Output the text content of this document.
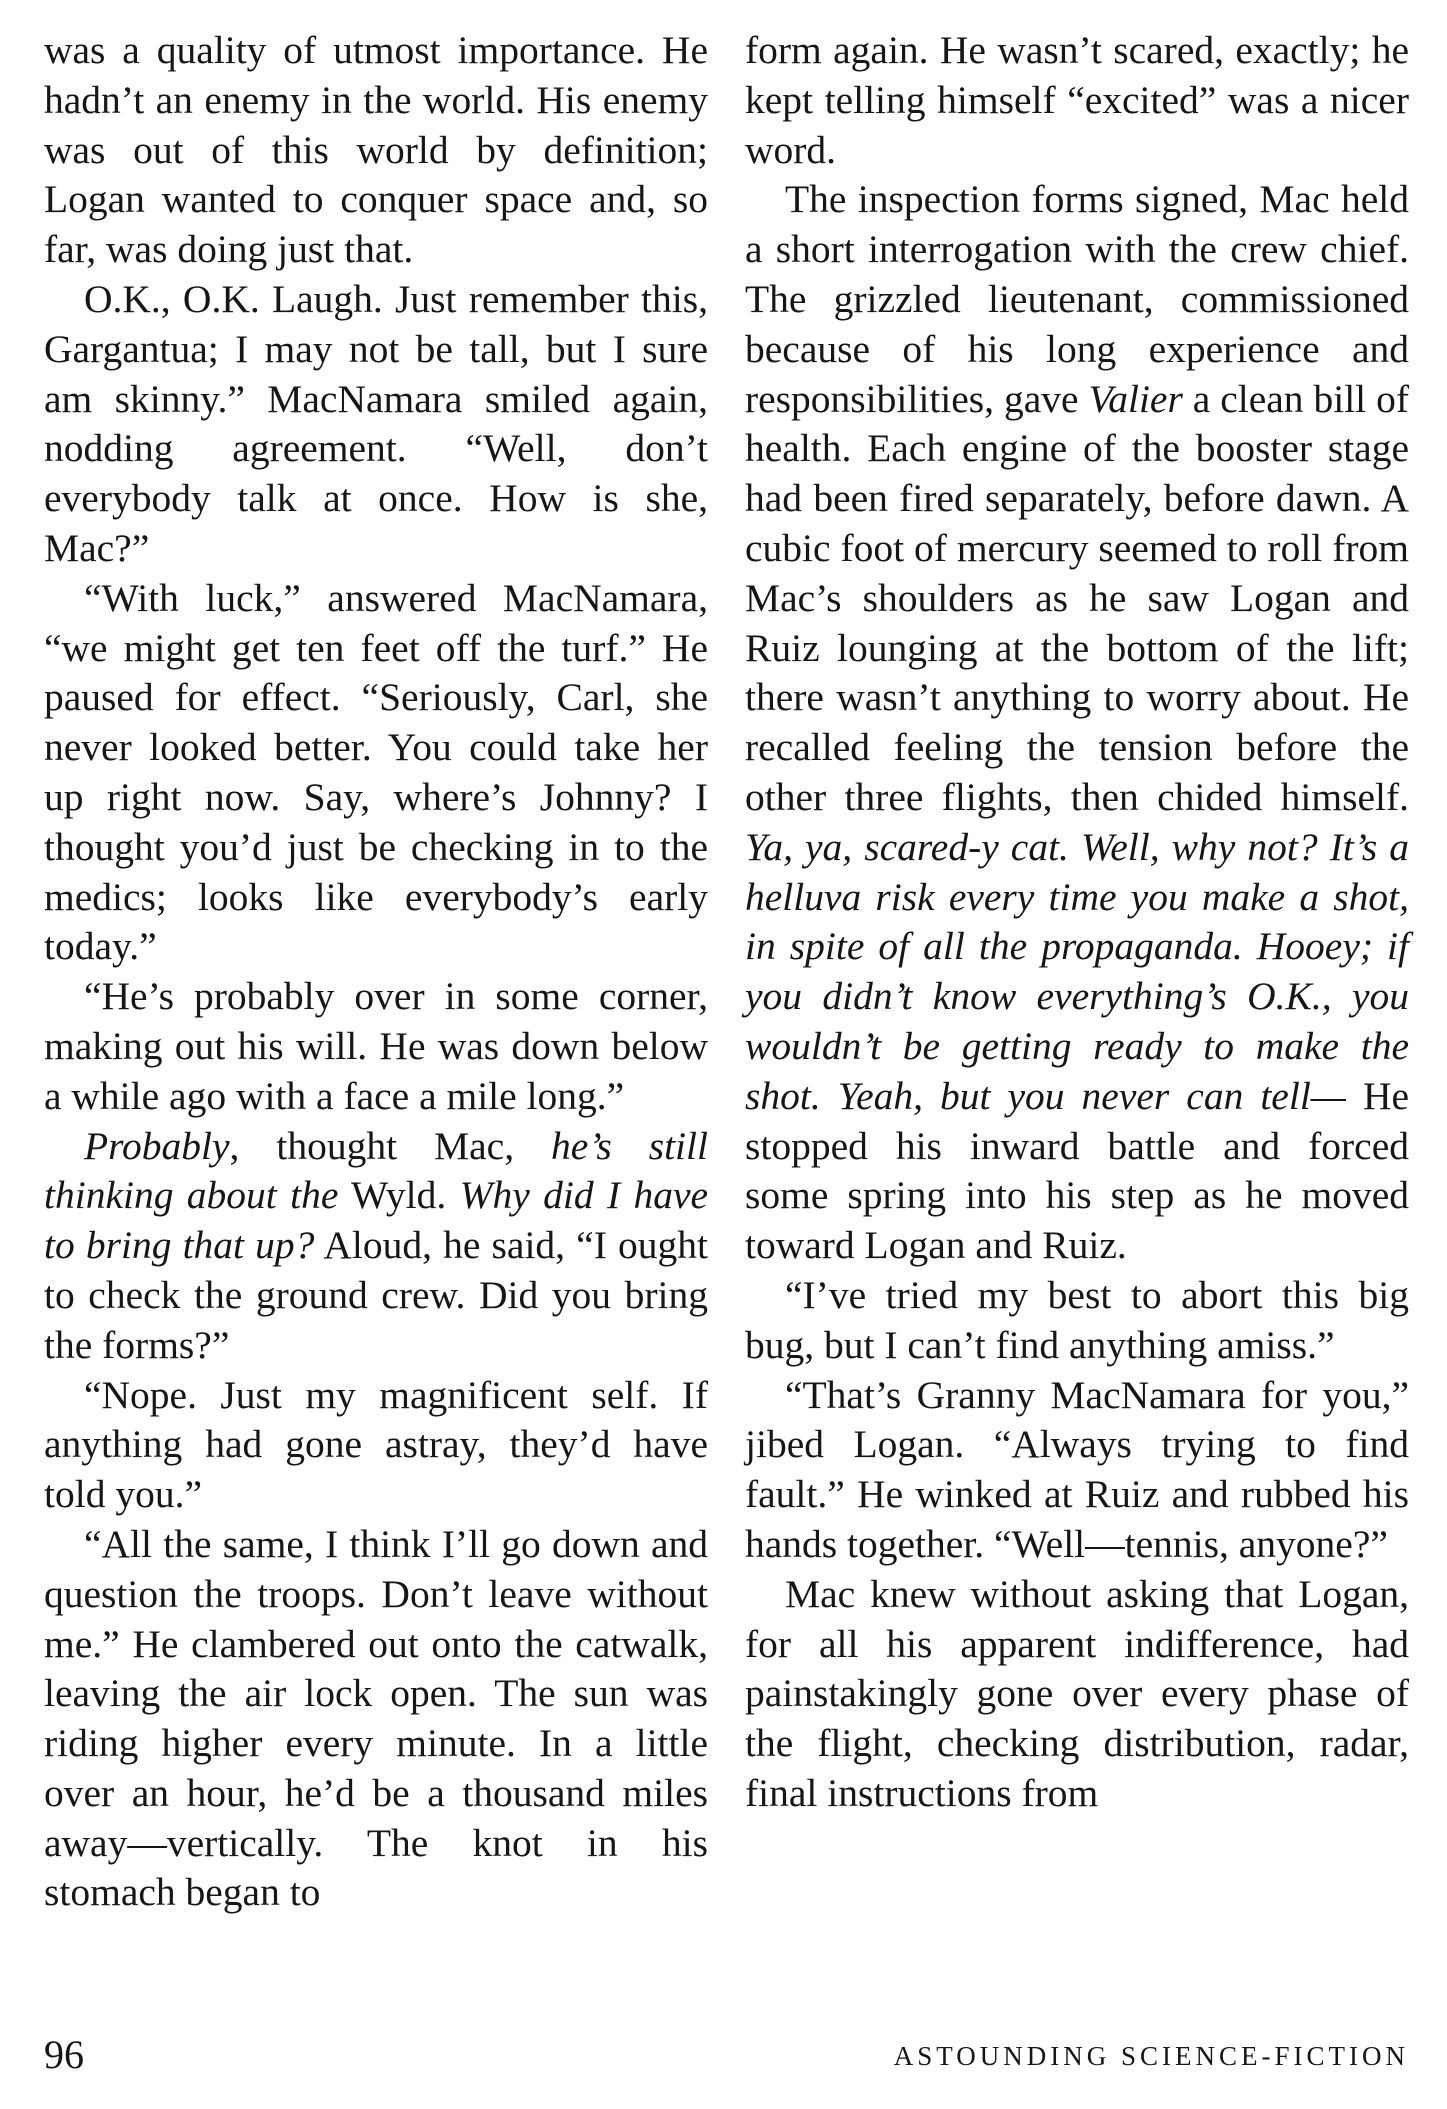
was a quality of utmost importance. He hadn’t an enemy in the world. His enemy was out of this world by definition; Logan wanted to conquer space and, so far, was doing just that.

O.K., O.K. Laugh. Just remember this, Gargantua; I may not be tall, but I sure am skinny.” MacNamara smiled again, nodding agreement. “Well, don’t everybody talk at once. How is she, Mac?”

“With luck,” answered MacNamara, “we might get ten feet off the turf.” He paused for effect. “Seriously, Carl, she never looked better. You could take her up right now. Say, where’s Johnny? I thought you’d just be checking in to the medics; looks like everybody’s early today.”

“He’s probably over in some corner, making out his will. He was down below a while ago with a face a mile long.”

Probably, thought Mac, he’s still thinking about the Wyld. Why did I have to bring that up? Aloud, he said, “I ought to check the ground crew. Did you bring the forms?”

“Nope. Just my magnificent self. If anything had gone astray, they’d have told you.”

“All the same, I think I’ll go down and question the troops. Don’t leave without me.” He clambered out onto the catwalk, leaving the air lock open. The sun was riding higher every minute. In a little over an hour, he’d be a thousand miles away—vertically. The knot in his stomach began to

form again. He wasn’t scared, exactly; he kept telling himself “excited” was a nicer word.

The inspection forms signed, Mac held a short interrogation with the crew chief. The grizzled lieutenant, commissioned because of his long experience and responsibilities, gave Valier a clean bill of health. Each engine of the booster stage had been fired separately, before dawn. A cubic foot of mercury seemed to roll from Mac’s shoulders as he saw Logan and Ruiz lounging at the bottom of the lift; there wasn’t anything to worry about. He recalled feeling the tension before the other three flights, then chided himself. Ya, ya, scared-y cat. Well, why not? It’s a helluva risk every time you make a shot, in spite of all the propaganda. Hooey; if you didn’t know everything’s O.K., you wouldn’t be getting ready to make the shot. Yeah, but you never can tell— He stopped his inward battle and forced some spring into his step as he moved toward Logan and Ruiz.

“I’ve tried my best to abort this big bug, but I can’t find anything amiss.”

“That’s Granny MacNamara for you,” jibed Logan. “Always trying to find fault.” He winked at Ruiz and rubbed his hands together. “Well—tennis, anyone?”

Mac knew without asking that Logan, for all his apparent indifference, had painstakingly gone over every phase of the flight, checking distribution, radar, final instructions from

96	ASTOUNDING SCIENCE-FICTION
